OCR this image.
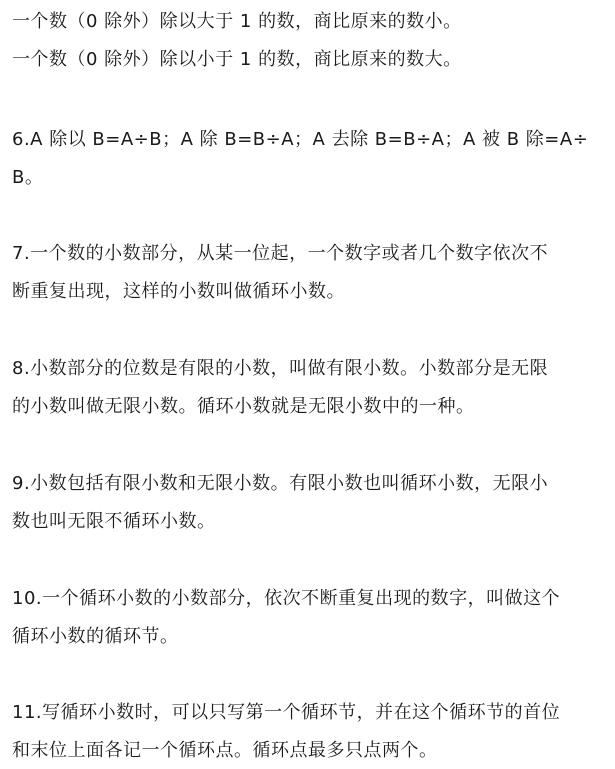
一个数（0 除外）除以大于 1 的数，商比原来的数小。
一个数（0 除外）除以小于 1 的数，商比原来的数大。
6.A 除以 B=A÷B；A 除 B=B÷A；A 去除 B=B÷A；A 被 B 除=A÷
B。
7.一个数的小数部分，从某一位起，一个数字或者几个数字依次不
断重复出现，这样的小数叫做循环小数。
8.小数部分的位数是有限的小数，叫做有限小数。小数部分是无限
的小数叫做无限小数。循环小数就是无限小数中的一种。
9.小数包括有限小数和无限小数。有限小数也叫循环小数，无限小
数也叫无限不循环小数。
10.一个循环小数的小数部分，依次不断重复出现的数字，叫做这个
循环小数的循环节。
11.写循环小数时，可以只写第一个循环节，并在这个循环节的首位
和末位上面各记一个循环点。循环点最多只点两个。
